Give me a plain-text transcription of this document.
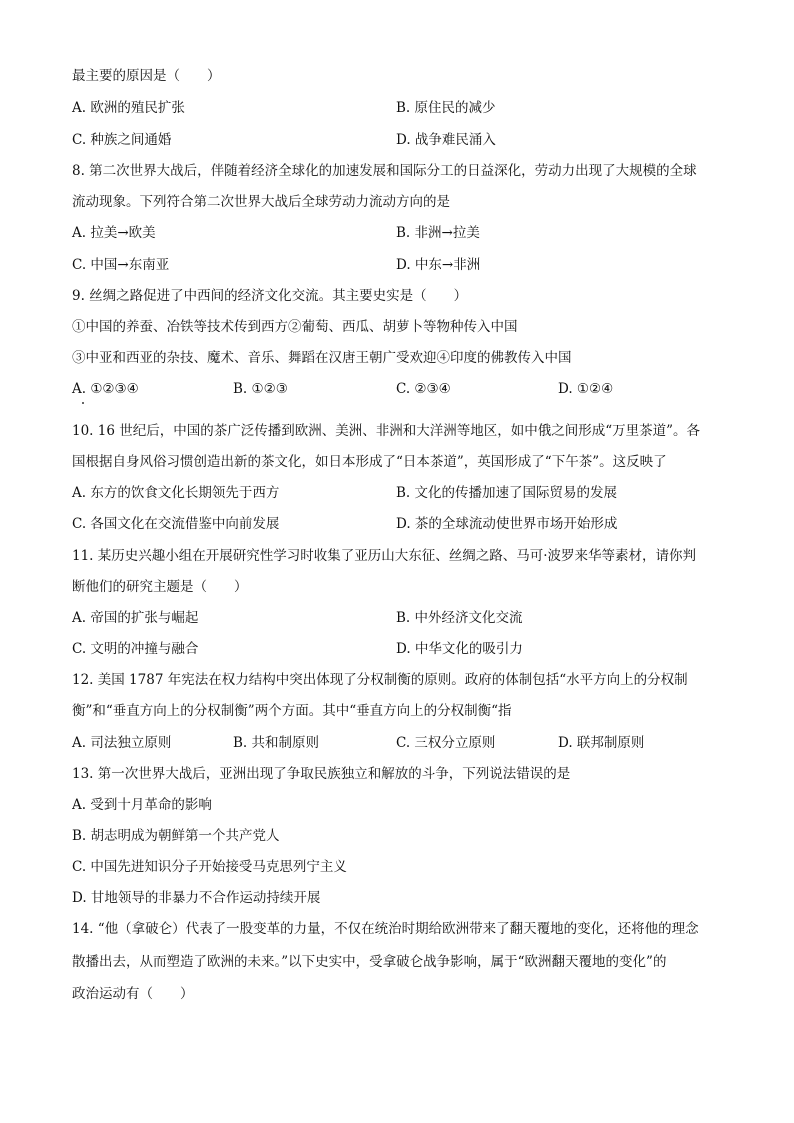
最主要的原因是（　　）
A. 欧洲的殖民扩张	B. 原住民的减少
C. 种族之间通婚	D. 战争难民涌入
8. 第二次世界大战后，伴随着经济全球化的加速发展和国际分工的日益深化，劳动力出现了大规模的全球
流动现象。下列符合第二次世界大战后全球劳动力流动方向的是
A. 拉美→欧美	B. 非洲→拉美
C. 中国→东南亚	D. 中东→非洲
9. 丝绸之路促进了中西间的经济文化交流。其主要史实是（　　）
①中国的养蚕、冶铁等技术传到西方②葡萄、西瓜、胡萝卜等物种传入中国
③中亚和西亚的杂技、魔术、音乐、舞蹈在汉唐王朝广受欢迎④印度的佛教传入中国
A. ①②③④	B. ①②③	C. ②③④	D. ①②④
10. 16 世纪后，中国的茶广泛传播到欧洲、美洲、非洲和大洋洲等地区，如中俄之间形成“万里茶道”。各
国根据自身风俗习惯创造出新的茶文化，如日本形成了“日本茶道”，英国形成了“下午茶”。这反映了
A. 东方的饮食文化长期领先于西方	B. 文化的传播加速了国际贸易的发展
C. 各国文化在交流借鉴中向前发展	D. 茶的全球流动使世界市场开始形成
11. 某历史兴趣小组在开展研究性学习时收集了亚历山大东征、丝绸之路、马可·波罗来华等素材，请你判
断他们的研究主题是（　　）
A. 帝国的扩张与崛起	B. 中外经济文化交流
C. 文明的冲撞与融合	D. 中华文化的吸引力
12. 美国 1787 年宪法在权力结构中突出体现了分权制衡的原则。政府的体制包括“水平方向上的分权制
衡”和“垂直方向上的分权制衡”两个方面。其中“垂直方向上的分权制衡“指
A. 司法独立原则	B. 共和制原则	C. 三权分立原则	D. 联邦制原则
13. 第一次世界大战后，亚洲出现了争取民族独立和解放的斗争，下列说法错误的是
A. 受到十月革命的影响
B. 胡志明成为朝鲜第一个共产党人
C. 中国先进知识分子开始接受马克思列宁主义
D. 甘地领导的非暴力不合作运动持续开展
14. “他（拿破仑）代表了一股变革的力量，不仅在统治时期给欧洲带来了翻天覆地的变化，还将他的理念
散播出去，从而塑造了欧洲的未来。”以下史实中，受拿破仑战争影响，属于“欧洲翻天覆地的变化”的
政治运动有（　　）
